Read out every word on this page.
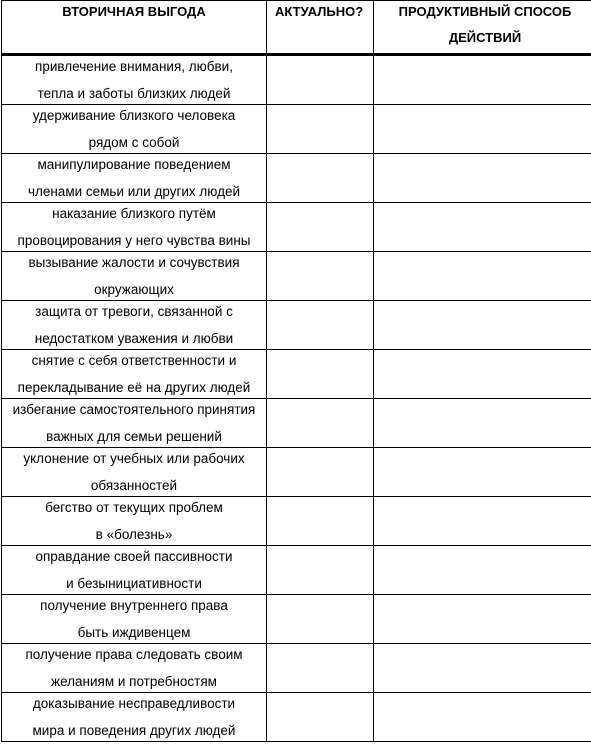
ВТОРИЧНАЯ ВЫГОДА	АКТУАЛЬНО?	ПРОДУКТИВНЫЙ СПОСОБ
ДЕЙСТВИЙ

привлечение внимания, любви,
тепла и заботы близких людей		

удерживание близкого человека
рядом с собой		

манипулирование поведением
членами семьи или других людей		

наказание близкого путём
провоцирования у него чувства вины		

вызывание жалости и сочувствия
окружающих		

защита от тревоги, связанной с
недостатком уважения и любви		

снятие с себя ответственности и
перекладывание её на других людей		

избегание самостоятельного принятия
важных для семьи решений		

уклонение от учебных или рабочих
обязанностей		

бегство от текущих проблем
в «болезнь»		

оправдание своей пассивности
и безынициативности		

получение внутреннего права
быть иждивенцем		

получение права следовать своим
желаниям и потребностям		

доказывание несправедливости
мира и поведения других людей		
